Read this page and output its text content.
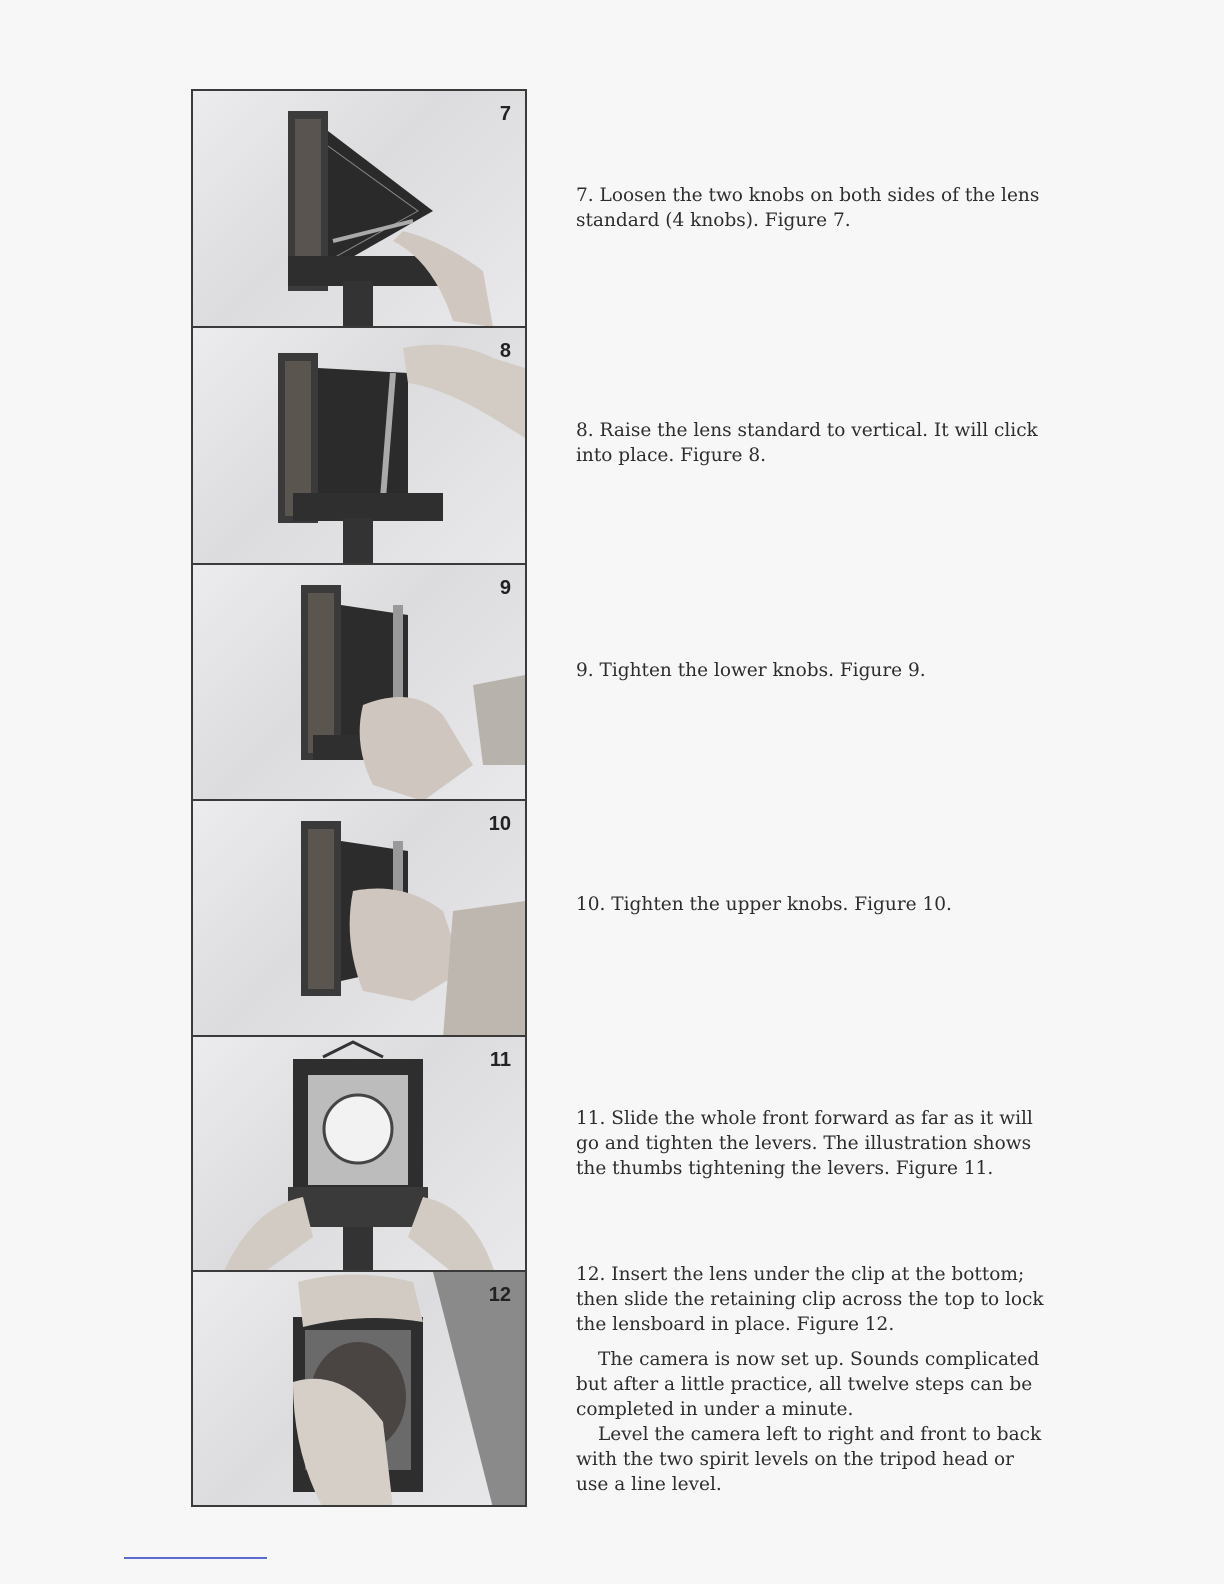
7
8
9
10
11
12

7. Loosen the two knobs on both sides of the lens standard (4 knobs). Figure 7.

8. Raise the lens standard to vertical. It will click into place. Figure 8.

9. Tighten the lower knobs. Figure 9.

10. Tighten the upper knobs. Figure 10.

11. Slide the whole front forward as far as it will go and tighten the levers. The illustration shows the thumbs tightening the levers. Figure 11.

12. Insert the lens under the clip at the bottom; then slide the retaining clip across the top to lock the lensboard in place. Figure 12.

The camera is now set up. Sounds complicated but after a little practice, all twelve steps can be completed in under a minute.

Level the camera left to right and front to back with the two spirit levels on the tripod head or use a line level.
